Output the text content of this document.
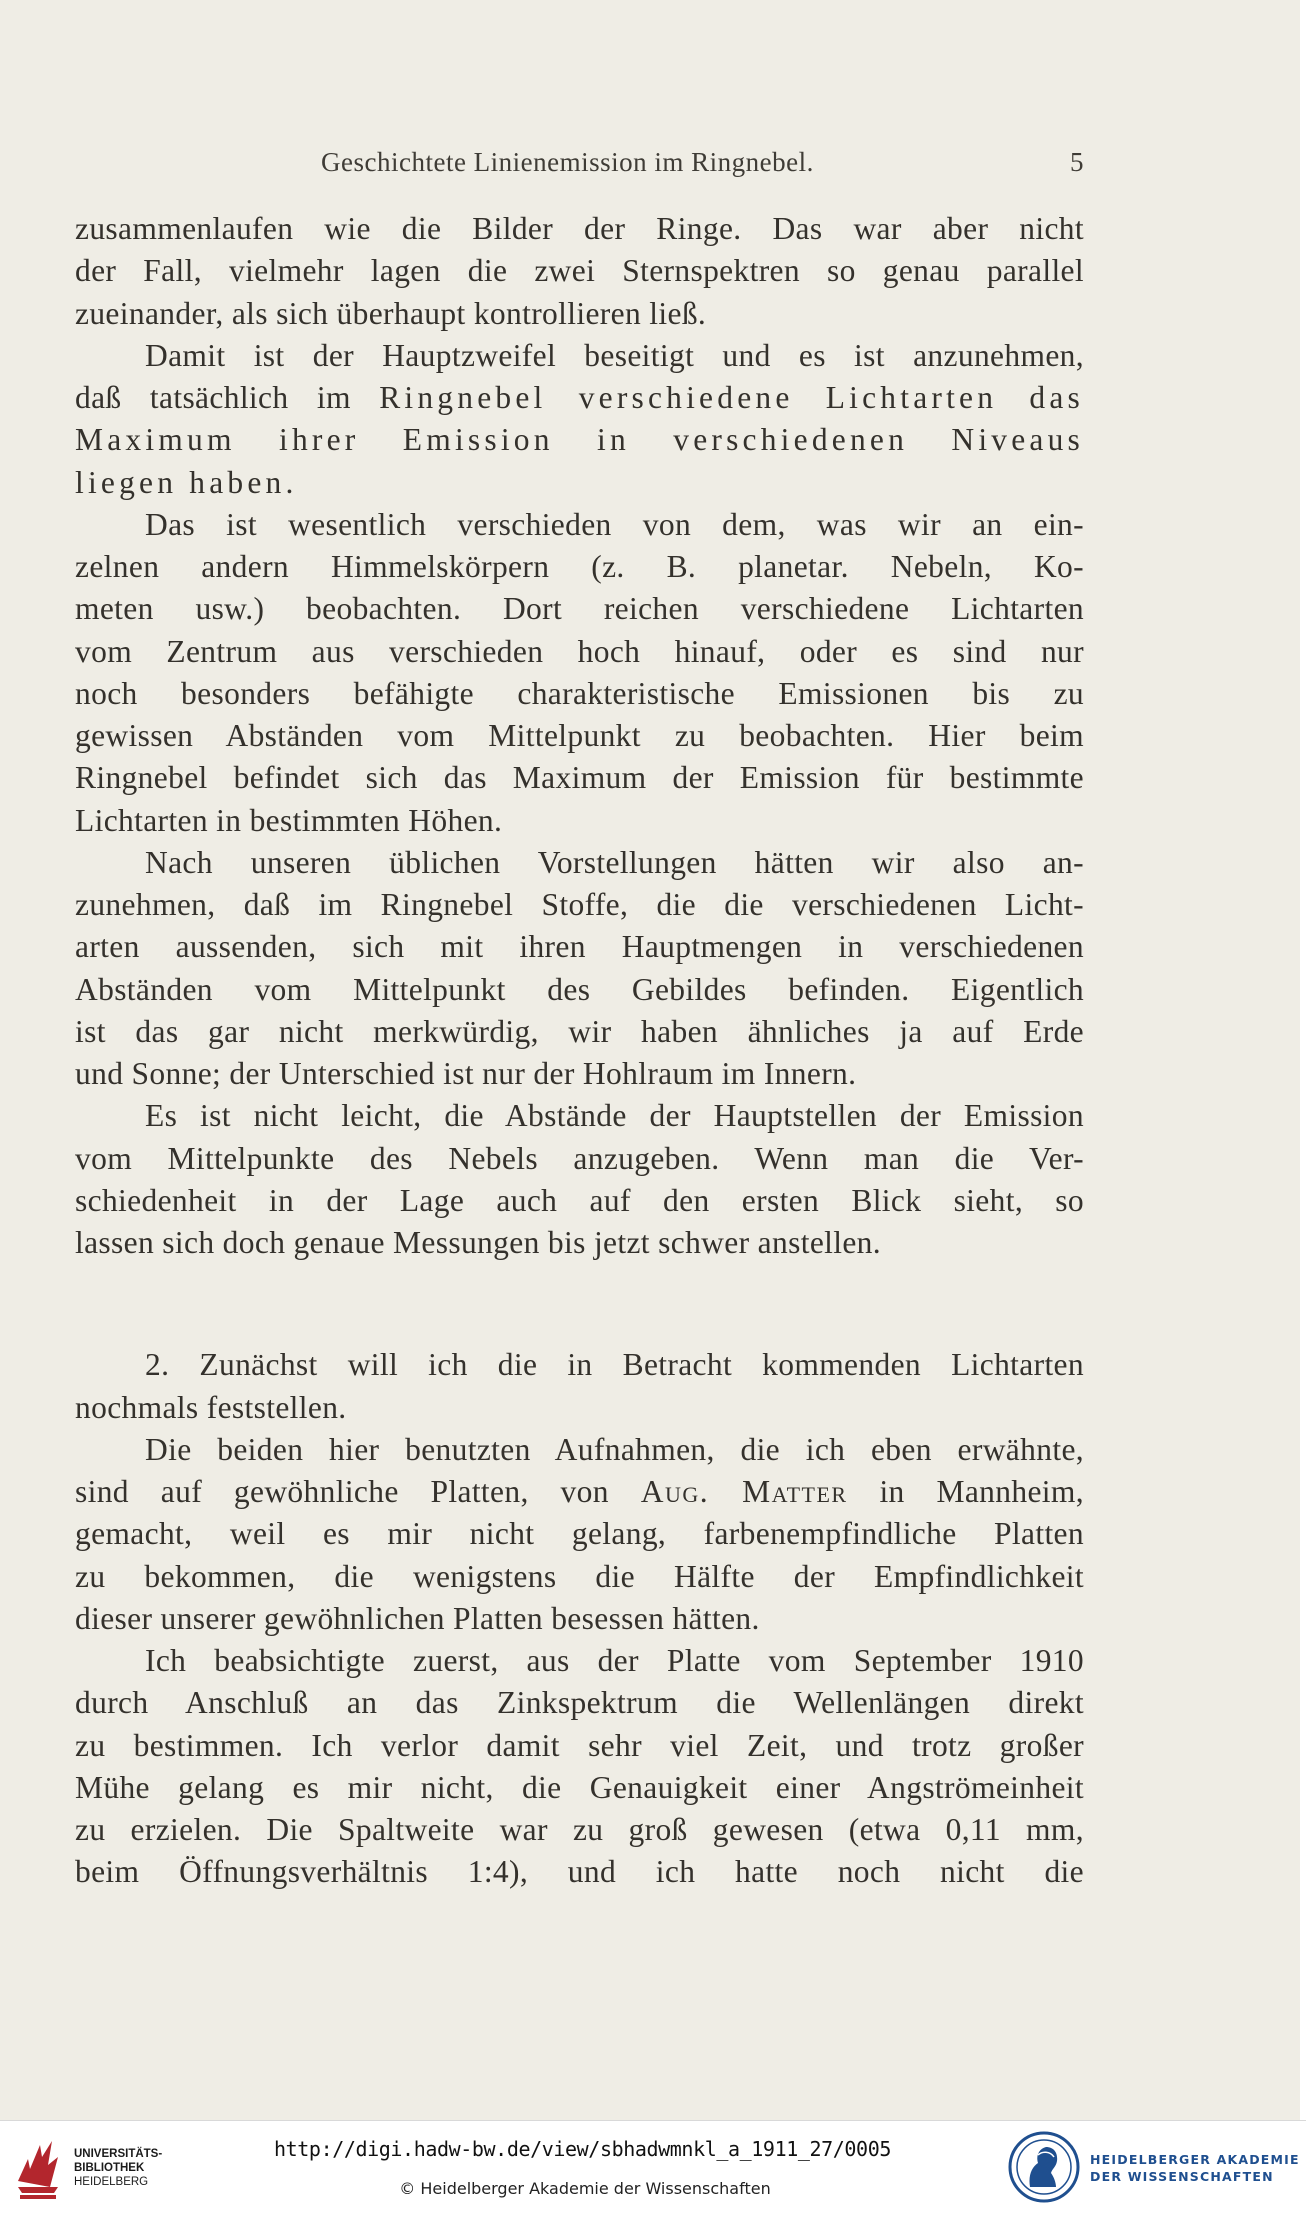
Geschichtete Linienemission im Ringnebel.	5
zusammenlaufen wie die Bilder der Ringe. Das war aber nicht
der Fall, vielmehr lagen die zwei Sternspektren so genau parallel
zueinander, als sich überhaupt kontrollieren ließ.
Damit ist der Hauptzweifel beseitigt und es ist anzunehmen,
daß tatsächlich im Ringnebel verschiedene Lichtarten das
Maximum ihrer Emission in verschiedenen Niveaus
liegen haben.
Das ist wesentlich verschieden von dem, was wir an ein-
zelnen andern Himmelskörpern (z. B. planetar. Nebeln, Ko-
meten usw.) beobachten. Dort reichen verschiedene Lichtarten
vom Zentrum aus verschieden hoch hinauf, oder es sind nur
noch besonders befähigte charakteristische Emissionen bis zu
gewissen Abständen vom Mittelpunkt zu beobachten. Hier beim
Ringnebel befindet sich das Maximum der Emission für bestimmte
Lichtarten in bestimmten Höhen.
Nach unseren üblichen Vorstellungen hätten wir also an-
zunehmen, daß im Ringnebel Stoffe, die die verschiedenen Licht-
arten aussenden, sich mit ihren Hauptmengen in verschiedenen
Abständen vom Mittelpunkt des Gebildes befinden. Eigentlich
ist das gar nicht merkwürdig, wir haben ähnliches ja auf Erde
und Sonne; der Unterschied ist nur der Hohlraum im Innern.
Es ist nicht leicht, die Abstände der Hauptstellen der Emission
vom Mittelpunkte des Nebels anzugeben. Wenn man die Ver-
schiedenheit in der Lage auch auf den ersten Blick sieht, so
lassen sich doch genaue Messungen bis jetzt schwer anstellen.
2. Zunächst will ich die in Betracht kommenden Lichtarten
nochmals feststellen.
Die beiden hier benutzten Aufnahmen, die ich eben erwähnte,
sind auf gewöhnliche Platten, von Aug. Matter in Mannheim,
gemacht, weil es mir nicht gelang, farbenempfindliche Platten
zu bekommen, die wenigstens die Hälfte der Empfindlichkeit
dieser unserer gewöhnlichen Platten besessen hätten.
Ich beabsichtigte zuerst, aus der Platte vom September 1910
durch Anschluß an das Zinkspektrum die Wellenlängen direkt
zu bestimmen. Ich verlor damit sehr viel Zeit, und trotz großer
Mühe gelang es mir nicht, die Genauigkeit einer Angströmeinheit
zu erzielen. Die Spaltweite war zu groß gewesen (etwa 0,11 mm,
beim Öffnungsverhältnis 1:4), und ich hatte noch nicht die
UNIVERSITÄTS-
BIBLIOTHEK
HEIDELBERG
http://digi.hadw-bw.de/view/sbhadwmnkl_a_1911_27/0005
© Heidelberger Akademie der Wissenschaften
HEIDELBERGER AKADEMIE
DER WISSENSCHAFTEN
